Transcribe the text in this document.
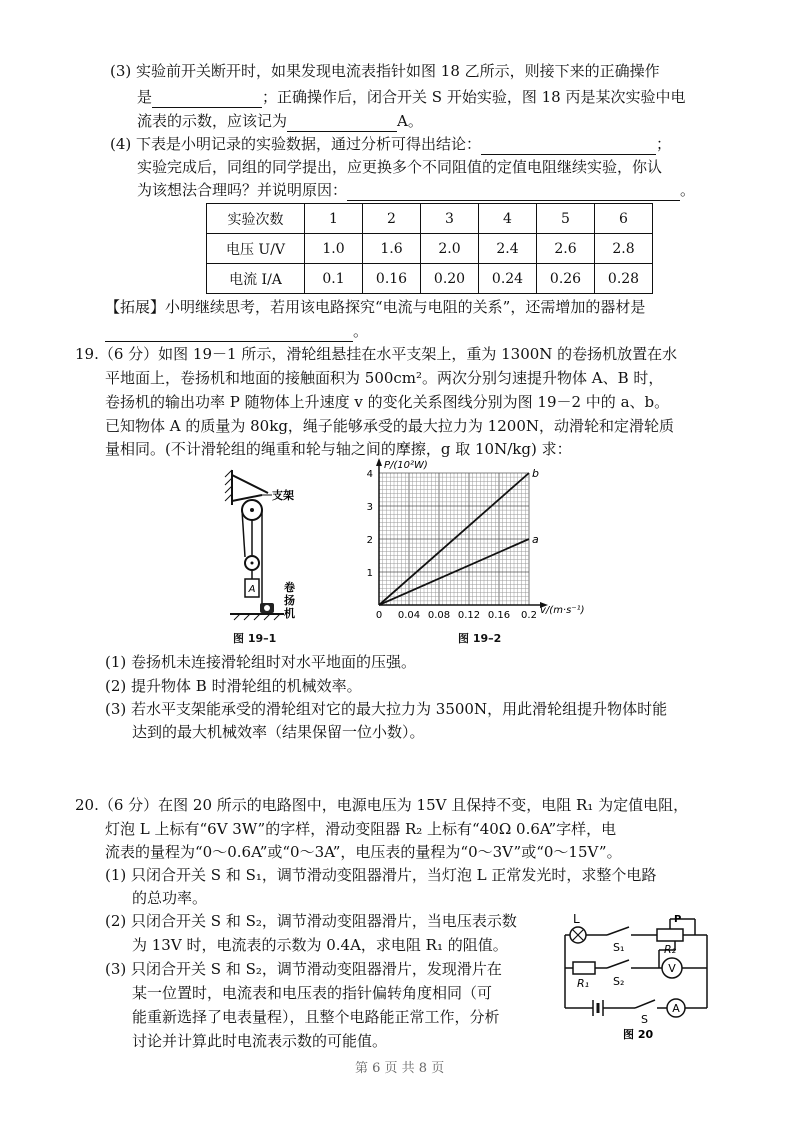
(3) 实验前开关断开时，如果发现电流表指针如图 18 乙所示，则接下来的正确操作
是	；正确操作后，闭合开关 S 开始实验，图 18 丙是某次实验中电
流表的示数，应该记为	A。
(4) 下表是小明记录的实验数据，通过分析可得出结论：	；
实验完成后，同组的同学提出，应更换多个不同阻值的定值电阻继续实验，你认
为该想法合理吗？并说明原因：	。
实验次数	1	2	3	4	5	6
电压 U/V	1.0	1.6	2.0	2.4	2.6	2.8
电流 I/A	0.1	0.16	0.20	0.24	0.26	0.28
【拓展】小明继续思考，若用该电路探究“电流与电阻的关系”，还需增加的器材是
。
19.（6 分）如图 19－1 所示，滑轮组悬挂在水平支架上，重为 1300N 的卷扬机放置在水
平地面上，卷扬机和地面的接触面积为 500cm²。两次分别匀速提升物体 A、B 时，
卷扬机的输出功率 P 随物体上升速度 v 的变化关系图线分别为图 19－2 中的 a、b。
已知物体 A 的质量为 80kg，绳子能够承受的最大拉力为 1200N，动滑轮和定滑轮质
量相同。(不计滑轮组的绳重和轮与轴之间的摩擦，g 取 10N/kg) 求：
支架
A	卷
扬
机
图 19–1
0 0.04 0.08 0.12 0.16 0.2
1
2
3
4
a
b
P/(10²W)
v/(m·s⁻¹)
图 19–2
(1) 卷扬机未连接滑轮组时对水平地面的压强。
(2) 提升物体 B 时滑轮组的机械效率。
(3) 若水平支架能承受的滑轮组对它的最大拉力为 3500N，用此滑轮组提升物体时能
达到的最大机械效率（结果保留一位小数）。
20.（6 分）在图 20 所示的电路图中，电源电压为 15V 且保持不变，电阻 R₁ 为定值电阻，
灯泡 L 上标有“6V 3W”的字样，滑动变阻器 R₂ 上标有“40Ω 0.6A”字样，电
流表的量程为“0～0.6A”或“0～3A”，电压表的量程为“0～3V”或“0～15V”。
(1) 只闭合开关 S 和 S₁，调节滑动变阻器滑片，当灯泡 L 正常发光时，求整个电路
的总功率。
(2) 只闭合开关 S 和 S₂，调节滑动变阻器滑片，当电压表示数
为 13V 时，电流表的示数为 0.4A，求电阻 R₁ 的阻值。
(3) 只闭合开关 S 和 S₂，调节滑动变阻器滑片，发现滑片在
某一位置时，电流表和电压表的指针偏转角度相同（可
能重新选择了电表量程），且整个电路能正常工作，分析
讨论并计算此时电流表示数的可能值。
V
A
L	P
R₂
S₁
R₁ S₂
S
图 20
第 6 页 共 8 页
